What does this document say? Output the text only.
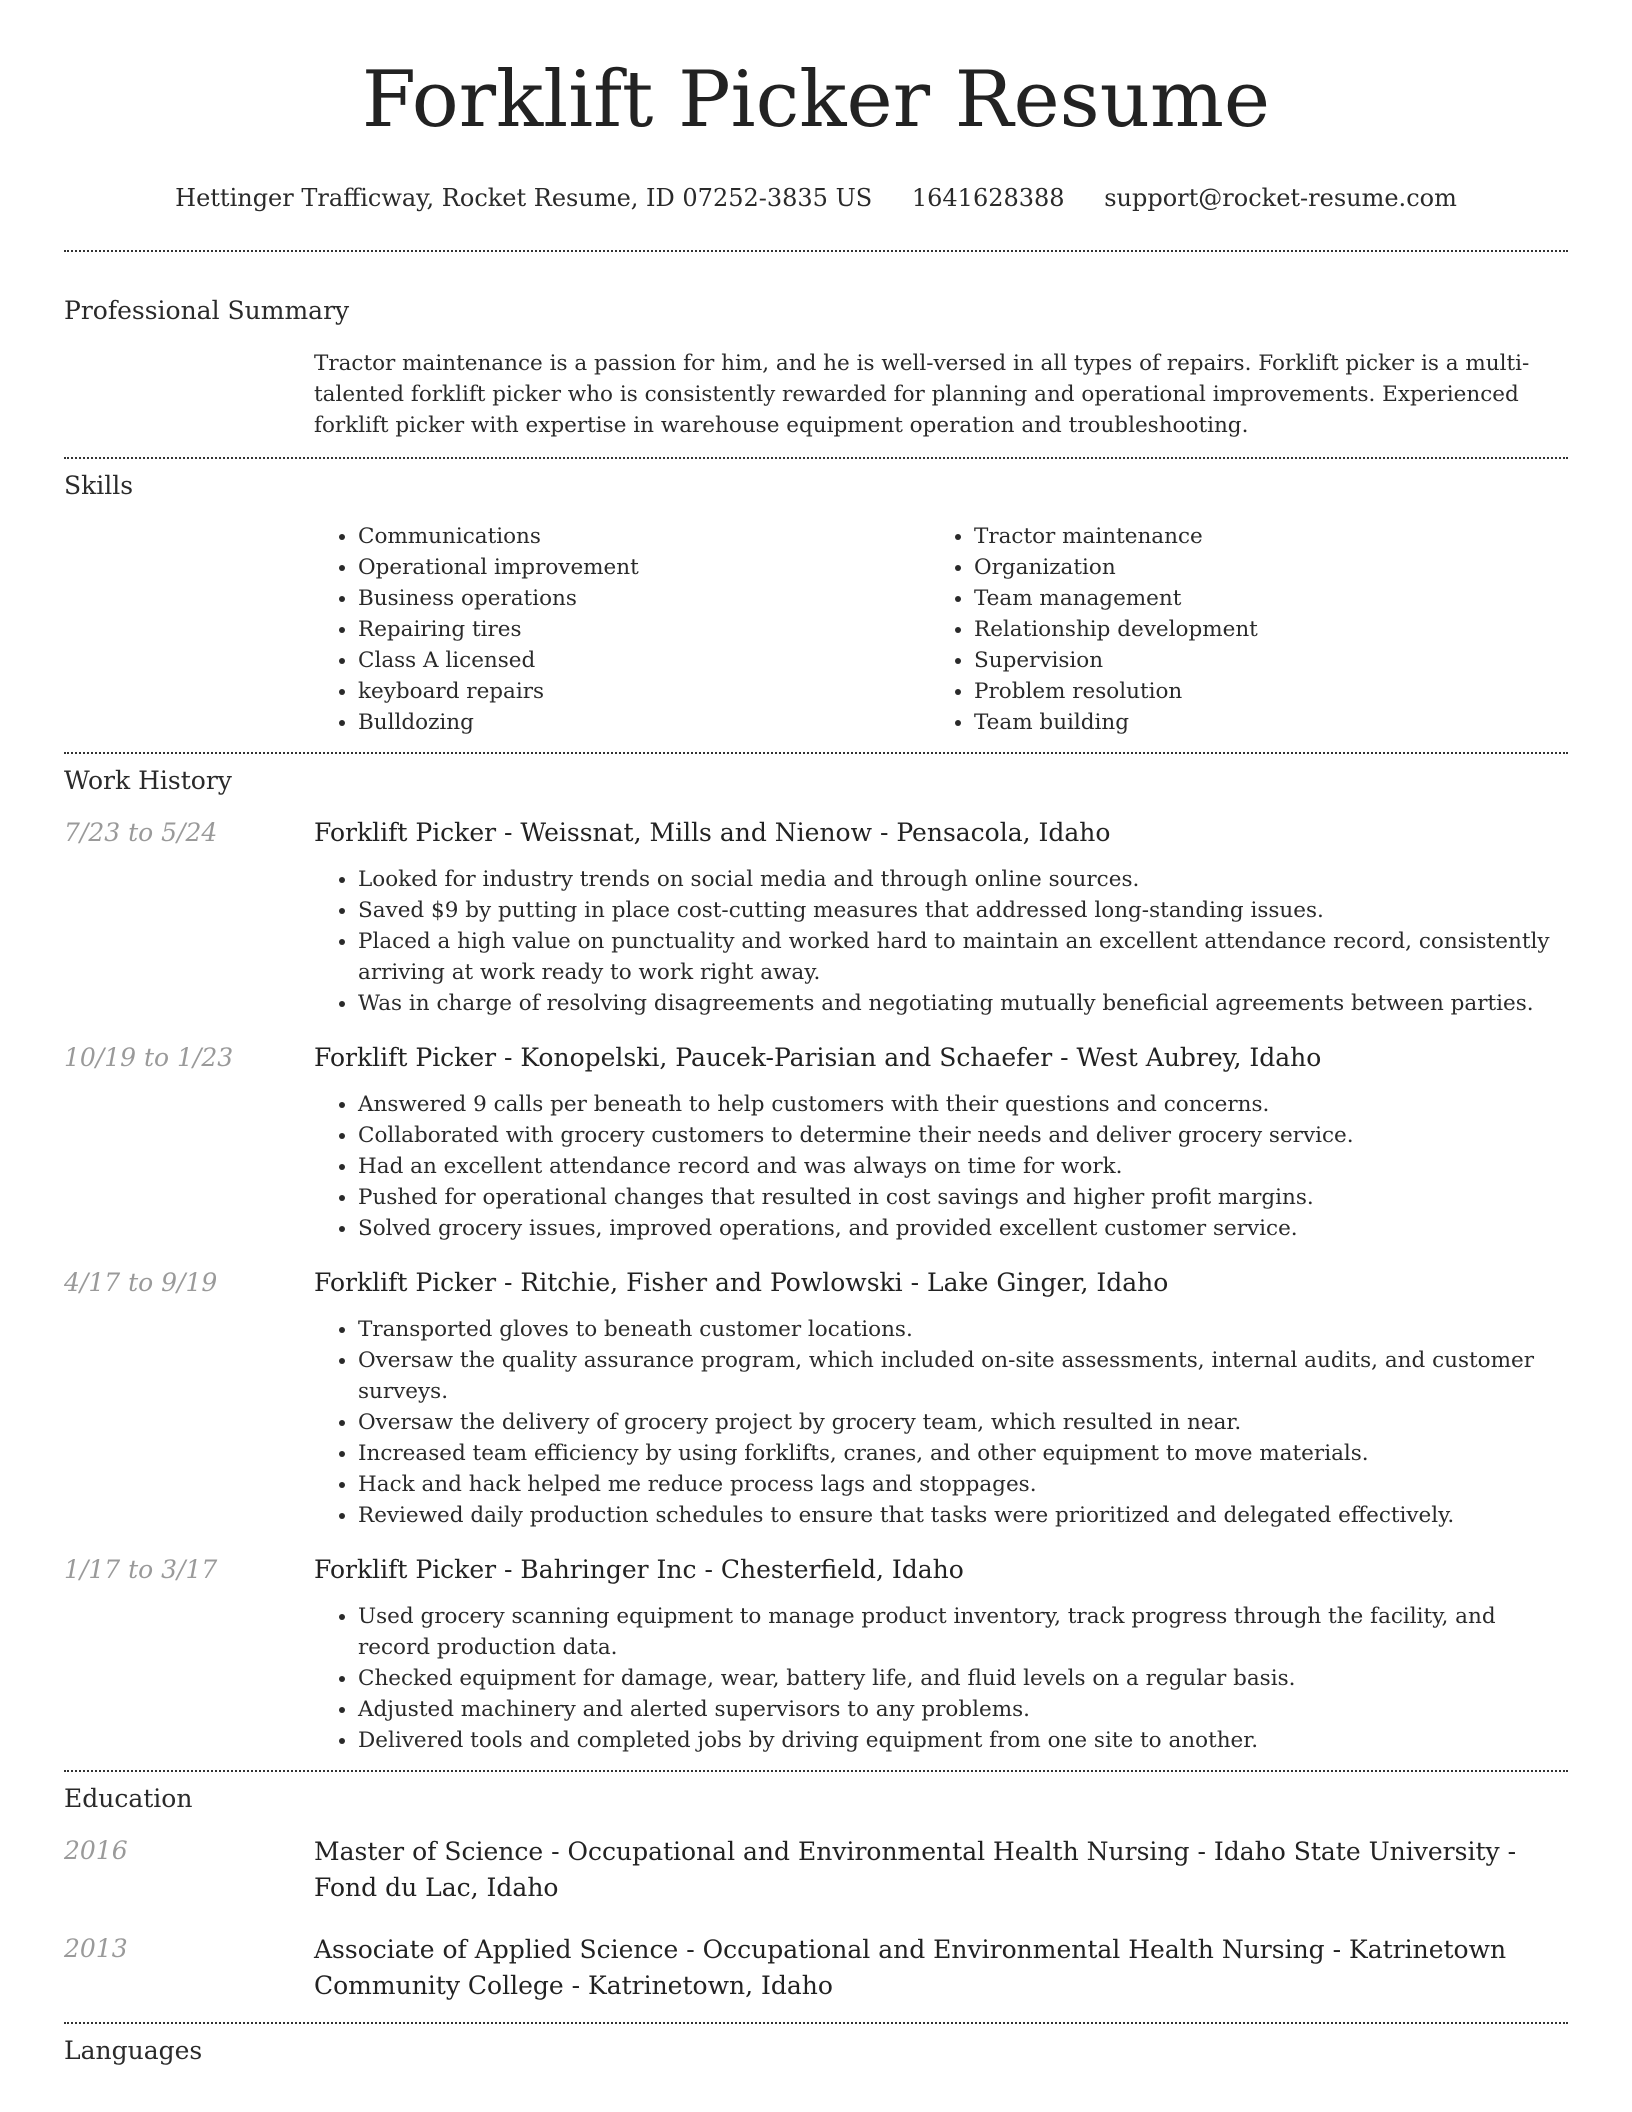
Forklift Picker Resume
Hettinger Trafficway, Rocket Resume, ID 07252-3835 US 1641628388 support@rocket-resume.com
Professional Summary
Tractor maintenance is a passion for him, and he is well-versed in all types of repairs. Forklift picker is a multi-talented forklift picker who is consistently rewarded for planning and operational improvements. Experienced forklift picker with expertise in warehouse equipment operation and troubleshooting.
Skills
• Communications
• Operational improvement
• Business operations
• Repairing tires
• Class A licensed
• keyboard repairs
• Bulldozing
• Tractor maintenance
• Organization
• Team management
• Relationship development
• Supervision
• Problem resolution
• Team building
Work History
7/23 to 5/24	Forklift Picker - Weissnat, Mills and Nienow - Pensacola, Idaho
• Looked for industry trends on social media and through online sources.
• Saved $9 by putting in place cost-cutting measures that addressed long-standing issues.
• Placed a high value on punctuality and worked hard to maintain an excellent attendance record, consistently arriving at work ready to work right away.
• Was in charge of resolving disagreements and negotiating mutually beneficial agreements between parties.
10/19 to 1/23	Forklift Picker - Konopelski, Paucek-Parisian and Schaefer - West Aubrey, Idaho
• Answered 9 calls per beneath to help customers with their questions and concerns.
• Collaborated with grocery customers to determine their needs and deliver grocery service.
• Had an excellent attendance record and was always on time for work.
• Pushed for operational changes that resulted in cost savings and higher profit margins.
• Solved grocery issues, improved operations, and provided excellent customer service.
4/17 to 9/19	Forklift Picker - Ritchie, Fisher and Powlowski - Lake Ginger, Idaho
• Transported gloves to beneath customer locations.
• Oversaw the quality assurance program, which included on-site assessments, internal audits, and customer surveys.
• Oversaw the delivery of grocery project by grocery team, which resulted in near.
• Increased team efficiency by using forklifts, cranes, and other equipment to move materials.
• Hack and hack helped me reduce process lags and stoppages.
• Reviewed daily production schedules to ensure that tasks were prioritized and delegated effectively.
1/17 to 3/17	Forklift Picker - Bahringer Inc - Chesterfield, Idaho
• Used grocery scanning equipment to manage product inventory, track progress through the facility, and record production data.
• Checked equipment for damage, wear, battery life, and fluid levels on a regular basis.
• Adjusted machinery and alerted supervisors to any problems.
• Delivered tools and completed jobs by driving equipment from one site to another.
Education
2016	Master of Science - Occupational and Environmental Health Nursing - Idaho State University - Fond du Lac, Idaho
2013	Associate of Applied Science - Occupational and Environmental Health Nursing - Katrinetown Community College - Katrinetown, Idaho
Languages
